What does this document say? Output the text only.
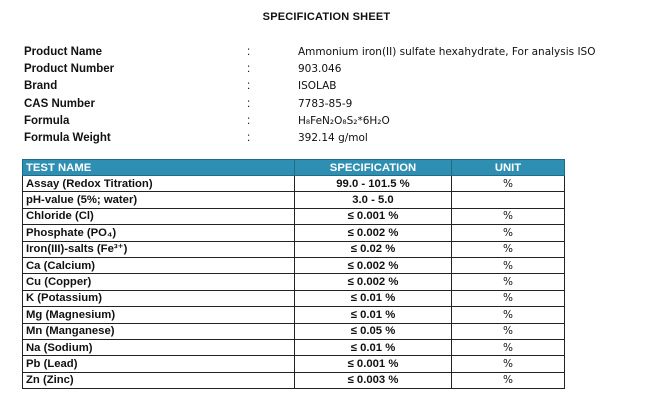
SPECIFICATION SHEET
Product Name	:	Ammonium iron(II) sulfate hexahydrate, For analysis ISO
Product Number	:	903.046
Brand	:	ISOLAB
CAS Number	:	7783-85-9
Formula	:	H₈FeN₂O₈S₂*6H₂O
Formula Weight	:	392.14 g/mol
TEST NAME	SPECIFICATION	UNIT
Assay (Redox Titration)	99.0 - 101.5 %	%
pH-value (5%; water)	3.0 - 5.0	
Chloride (Cl)	≤ 0.001 %	%
Phosphate (PO₄)	≤ 0.002 %	%
Iron(III)-salts (Fe³⁺)	≤ 0.02 %	%
Ca (Calcium)	≤ 0.002 %	%
Cu (Copper)	≤ 0.002 %	%
K (Potassium)	≤ 0.01 %	%
Mg (Magnesium)	≤ 0.01 %	%
Mn (Manganese)	≤ 0.05 %	%
Na (Sodium)	≤ 0.01 %	%
Pb (Lead)	≤ 0.001 %	%
Zn (Zinc)	≤ 0.003 %	%
